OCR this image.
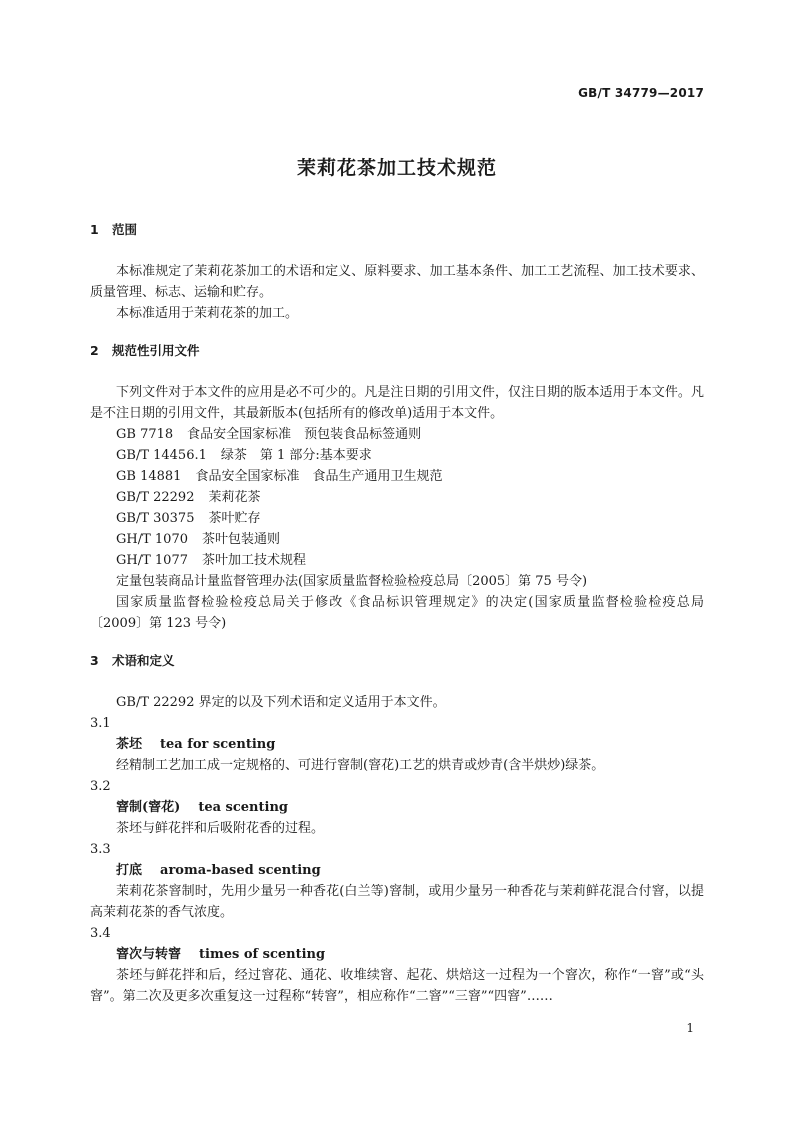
GB/T 34779—2017
茉莉花茶加工技术规范
1 范围

本标准规定了茉莉花茶加工的术语和定义、原料要求、加工基本条件、加工工艺流程、加工技术要求、质量管理、标志、运输和贮存。

本标准适用于茉莉花茶的加工。

2 规范性引用文件

下列文件对于本文件的应用是必不可少的。凡是注日期的引用文件，仅注日期的版本适用于本文件。凡是不注日期的引用文件，其最新版本(包括所有的修改单)适用于本文件。

GB 7718 食品安全国家标准　预包装食品标签通则

GB/T 14456.1 绿茶　第 1 部分:基本要求

GB 14881 食品安全国家标准　食品生产通用卫生规范

GB/T 22292 茉莉花茶

GB/T 30375 茶叶贮存

GH/T 1070 茶叶包装通则

GH/T 1077 茶叶加工技术规程

定量包装商品计量监督管理办法(国家质量监督检验检疫总局〔2005〕第 75 号令)

国家质量监督检验检疫总局关于修改《食品标识管理规定》的决定(国家质量监督检验检疫总局〔2009〕第 123 号令)

3 术语和定义

GB/T 22292 界定的以及下列术语和定义适用于本文件。

3.1

茶坯 tea for scenting

经精制工艺加工成一定规格的、可进行窨制(窨花)工艺的烘青或炒青(含半烘炒)绿茶。

3.2

窨制(窨花) tea scenting

茶坯与鲜花拌和后吸附花香的过程。

3.3

打底 aroma-based scenting

茉莉花茶窨制时，先用少量另一种香花(白兰等)窨制，或用少量另一种香花与茉莉鲜花混合付窨，以提高茉莉花茶的香气浓度。

3.4

窨次与转窨 times of scenting

茶坯与鲜花拌和后，经过窨花、通花、收堆续窨、起花、烘焙这一过程为一个窨次，称作“一窨”或“头窨”。第二次及更多次重复这一过程称“转窨”，相应称作“二窨”“三窨”“四窨”……

1
